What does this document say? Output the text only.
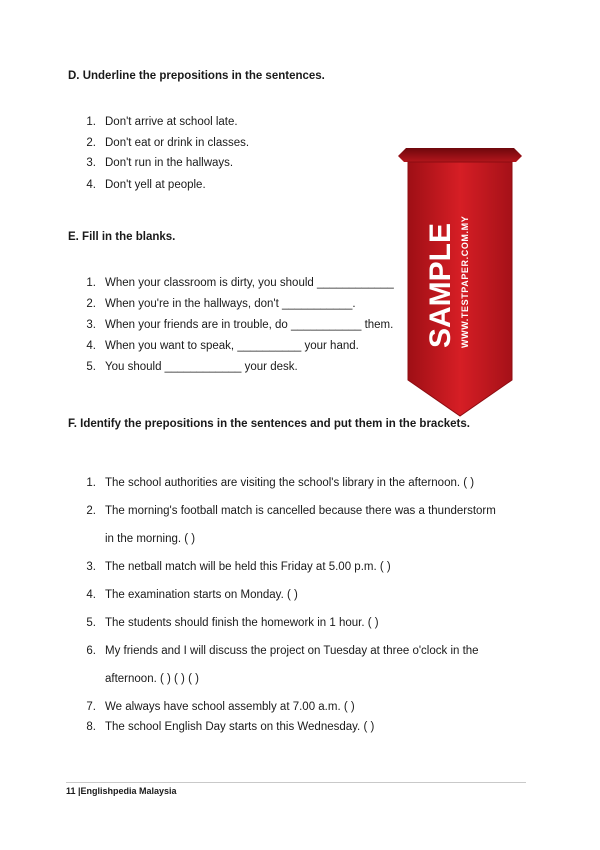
D. Underline the prepositions in the sentences.
1. Don't arrive at school late.
2. Don't eat or drink in classes.
3. Don't run in the hallways.
4. Don't yell at people.
E. Fill in the blanks.
1. When your classroom is dirty, you should ____________
2. When you're in the hallways, don't ___________.
3. When your friends are in trouble, do ___________ them.
4. When you want to speak, __________ your hand.
5. You should ____________ your desk.
F. Identify the prepositions in the sentences and put them in the brackets.
1. The school authorities are visiting the school's library in the afternoon. ( )
2. The morning's football match is cancelled because there was a thunderstorm
in the morning. ( )
3. The netball match will be held this Friday at 5.00 p.m. ( )
4. The examination starts on Monday. ( )
5. The students should finish the homework in 1 hour. ( )
6. My friends and I will discuss the project on Tuesday at three o'clock in the
afternoon. ( ) ( ) ( )
7. We always have school assembly at 7.00 a.m. ( )
8. The school English Day starts on this Wednesday. ( )
SAMPLE WWW.TESTPAPER.COM.MY
11 |Englishpedia Malaysia
